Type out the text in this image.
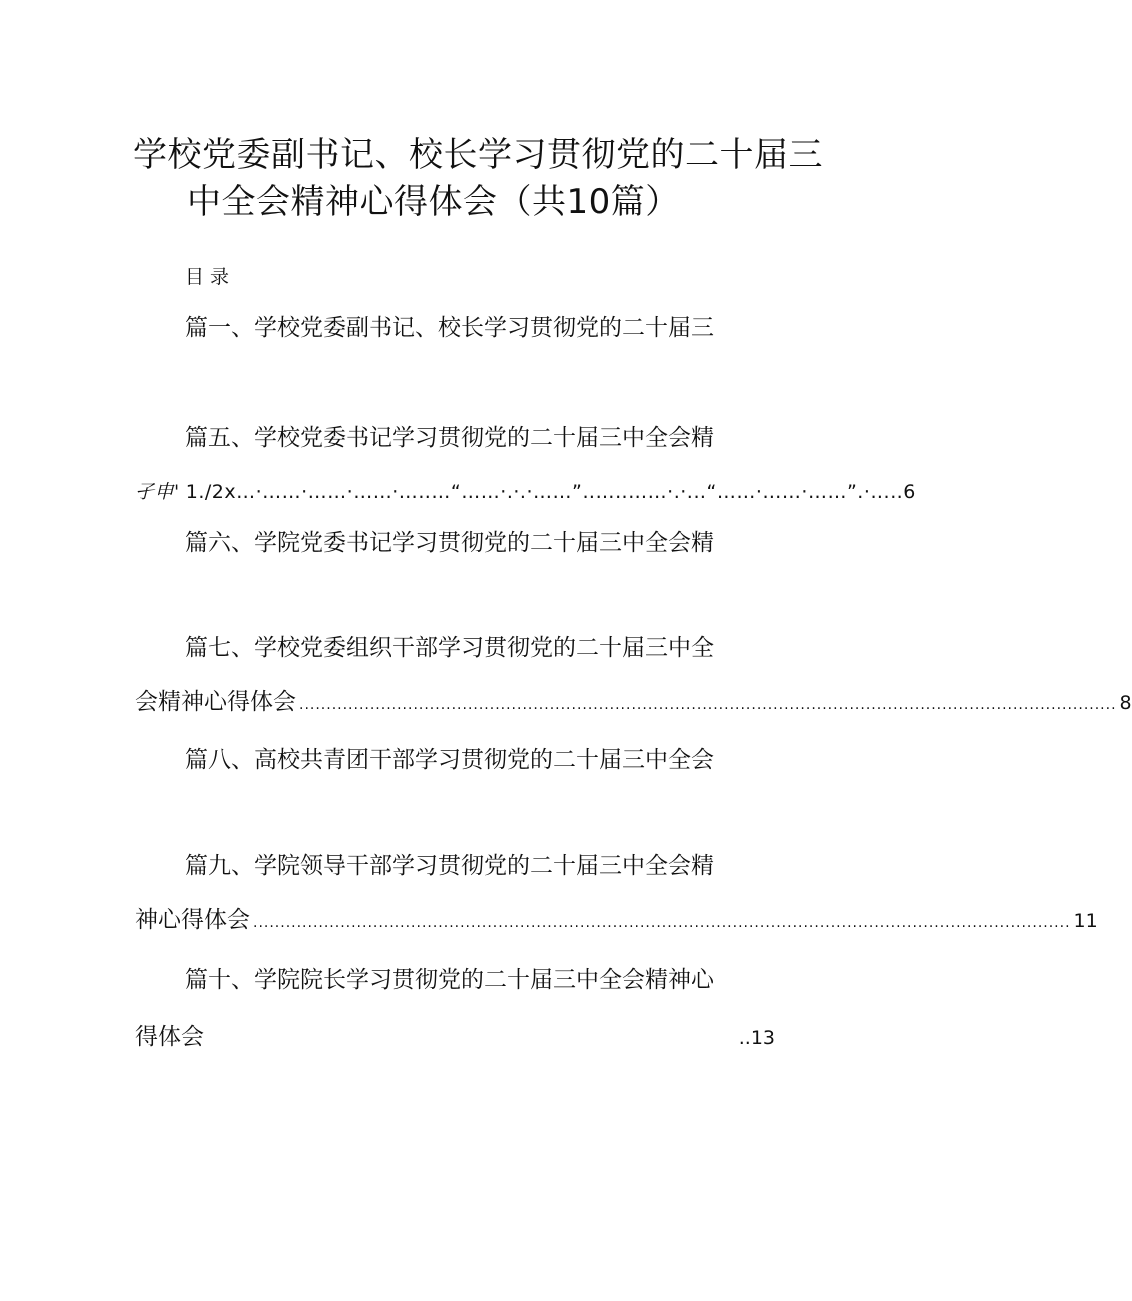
学校党委副书记、校长学习贯彻党的二十届三
中全会精神心得体会（共10篇）
目录
篇一、学校党委副书记、校长学习贯彻党的二十届三
篇五、学校党委书记学习贯彻党的二十届三中全会精
孑申' 1./2x…·……·……·……·…‥…“……·.·.·……”‥…‥……·.·.‥“……·……·……”.·‥.‥6
篇六、学院党委书记学习贯彻党的二十届三中全会精
篇七、学校党委组织干部学习贯彻党的二十届三中全
会精神心得体会 ...................................................................................................................................................... 8
篇八、高校共青团干部学习贯彻党的二十届三中全会
篇九、学院领导干部学习贯彻党的二十届三中全会精
神心得体会 ...................................................................................................................................................... 11
篇十、学院院长学习贯彻党的二十届三中全会精神心
得体会	..13
